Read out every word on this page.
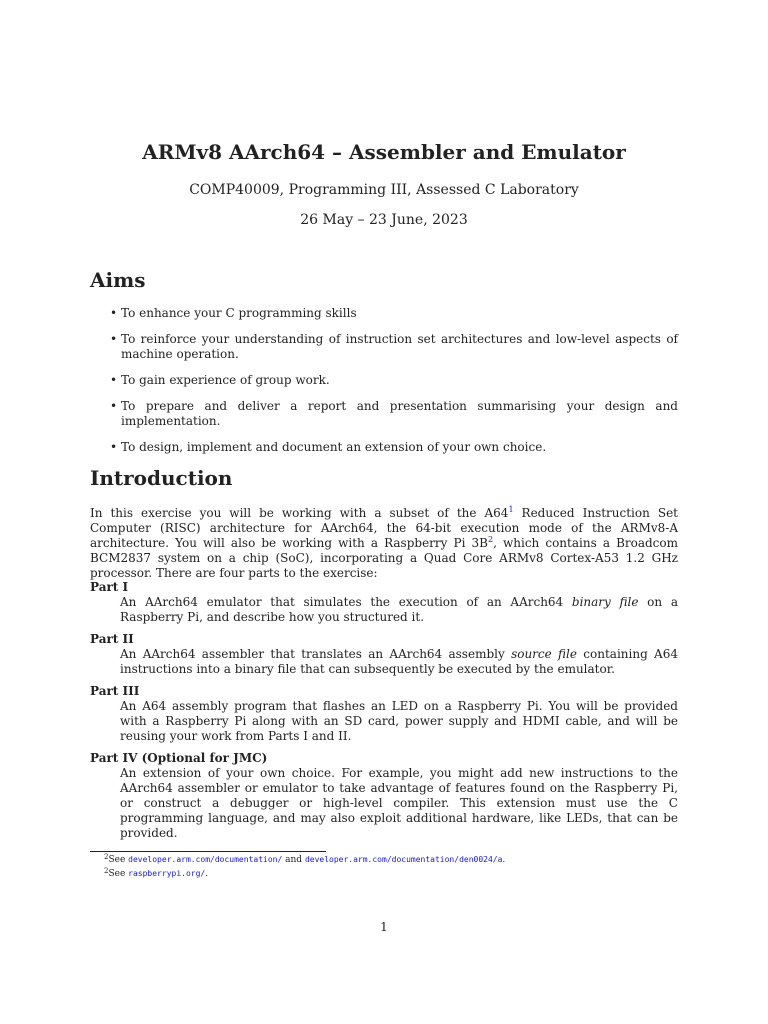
ARMv8 AArch64 – Assembler and Emulator
COMP40009, Programming III, Assessed C Laboratory
26 May – 23 June, 2023
Aims
• To enhance your C programming skills
• To reinforce your understanding of instruction set architectures and low-level aspects of machine operation.
• To gain experience of group work.
• To prepare and deliver a report and presentation summarising your design and implementation.
• To design, implement and document an extension of your own choice.
Introduction

In this exercise you will be working with a subset of the A64$^1$ Reduced Instruction Set Computer (RISC) architecture for AArch64, the 64-bit execution mode of the ARMv8-A architecture. You will also be working with a Raspberry Pi 3B$^2$, which contains a Broadcom BCM2837 system on a chip (SoC), incorporating a Quad Core ARMv8 Cortex-A53 1.2 GHz processor. There are four parts to the exercise:

Part I
An AArch64 emulator that simulates the execution of an AArch64 binary file on a Raspberry Pi, and describe how you structured it.
Part II
An AArch64 assembler that translates an AArch64 assembly source file containing A64 instructions into a binary file that can subsequently be executed by the emulator.
Part III
An A64 assembly program that flashes an LED on a Raspberry Pi. You will be provided with a Raspberry Pi along with an SD card, power supply and HDMI cable, and will be reusing your work from Parts I and II.
Part IV (Optional for JMC)
An extension of your own choice. For example, you might add new instructions to the AArch64 assembler or emulator to take advantage of features found on the Raspberry Pi, or construct a debugger or high-level compiler. This extension must use the C programming language, and may also exploit additional hardware, like LEDs, that can be provided.
$^2$See developer.arm.com/documentation/ and developer.arm.com/documentation/den0024/a.
$^2$See raspberrypi.org/.
1
